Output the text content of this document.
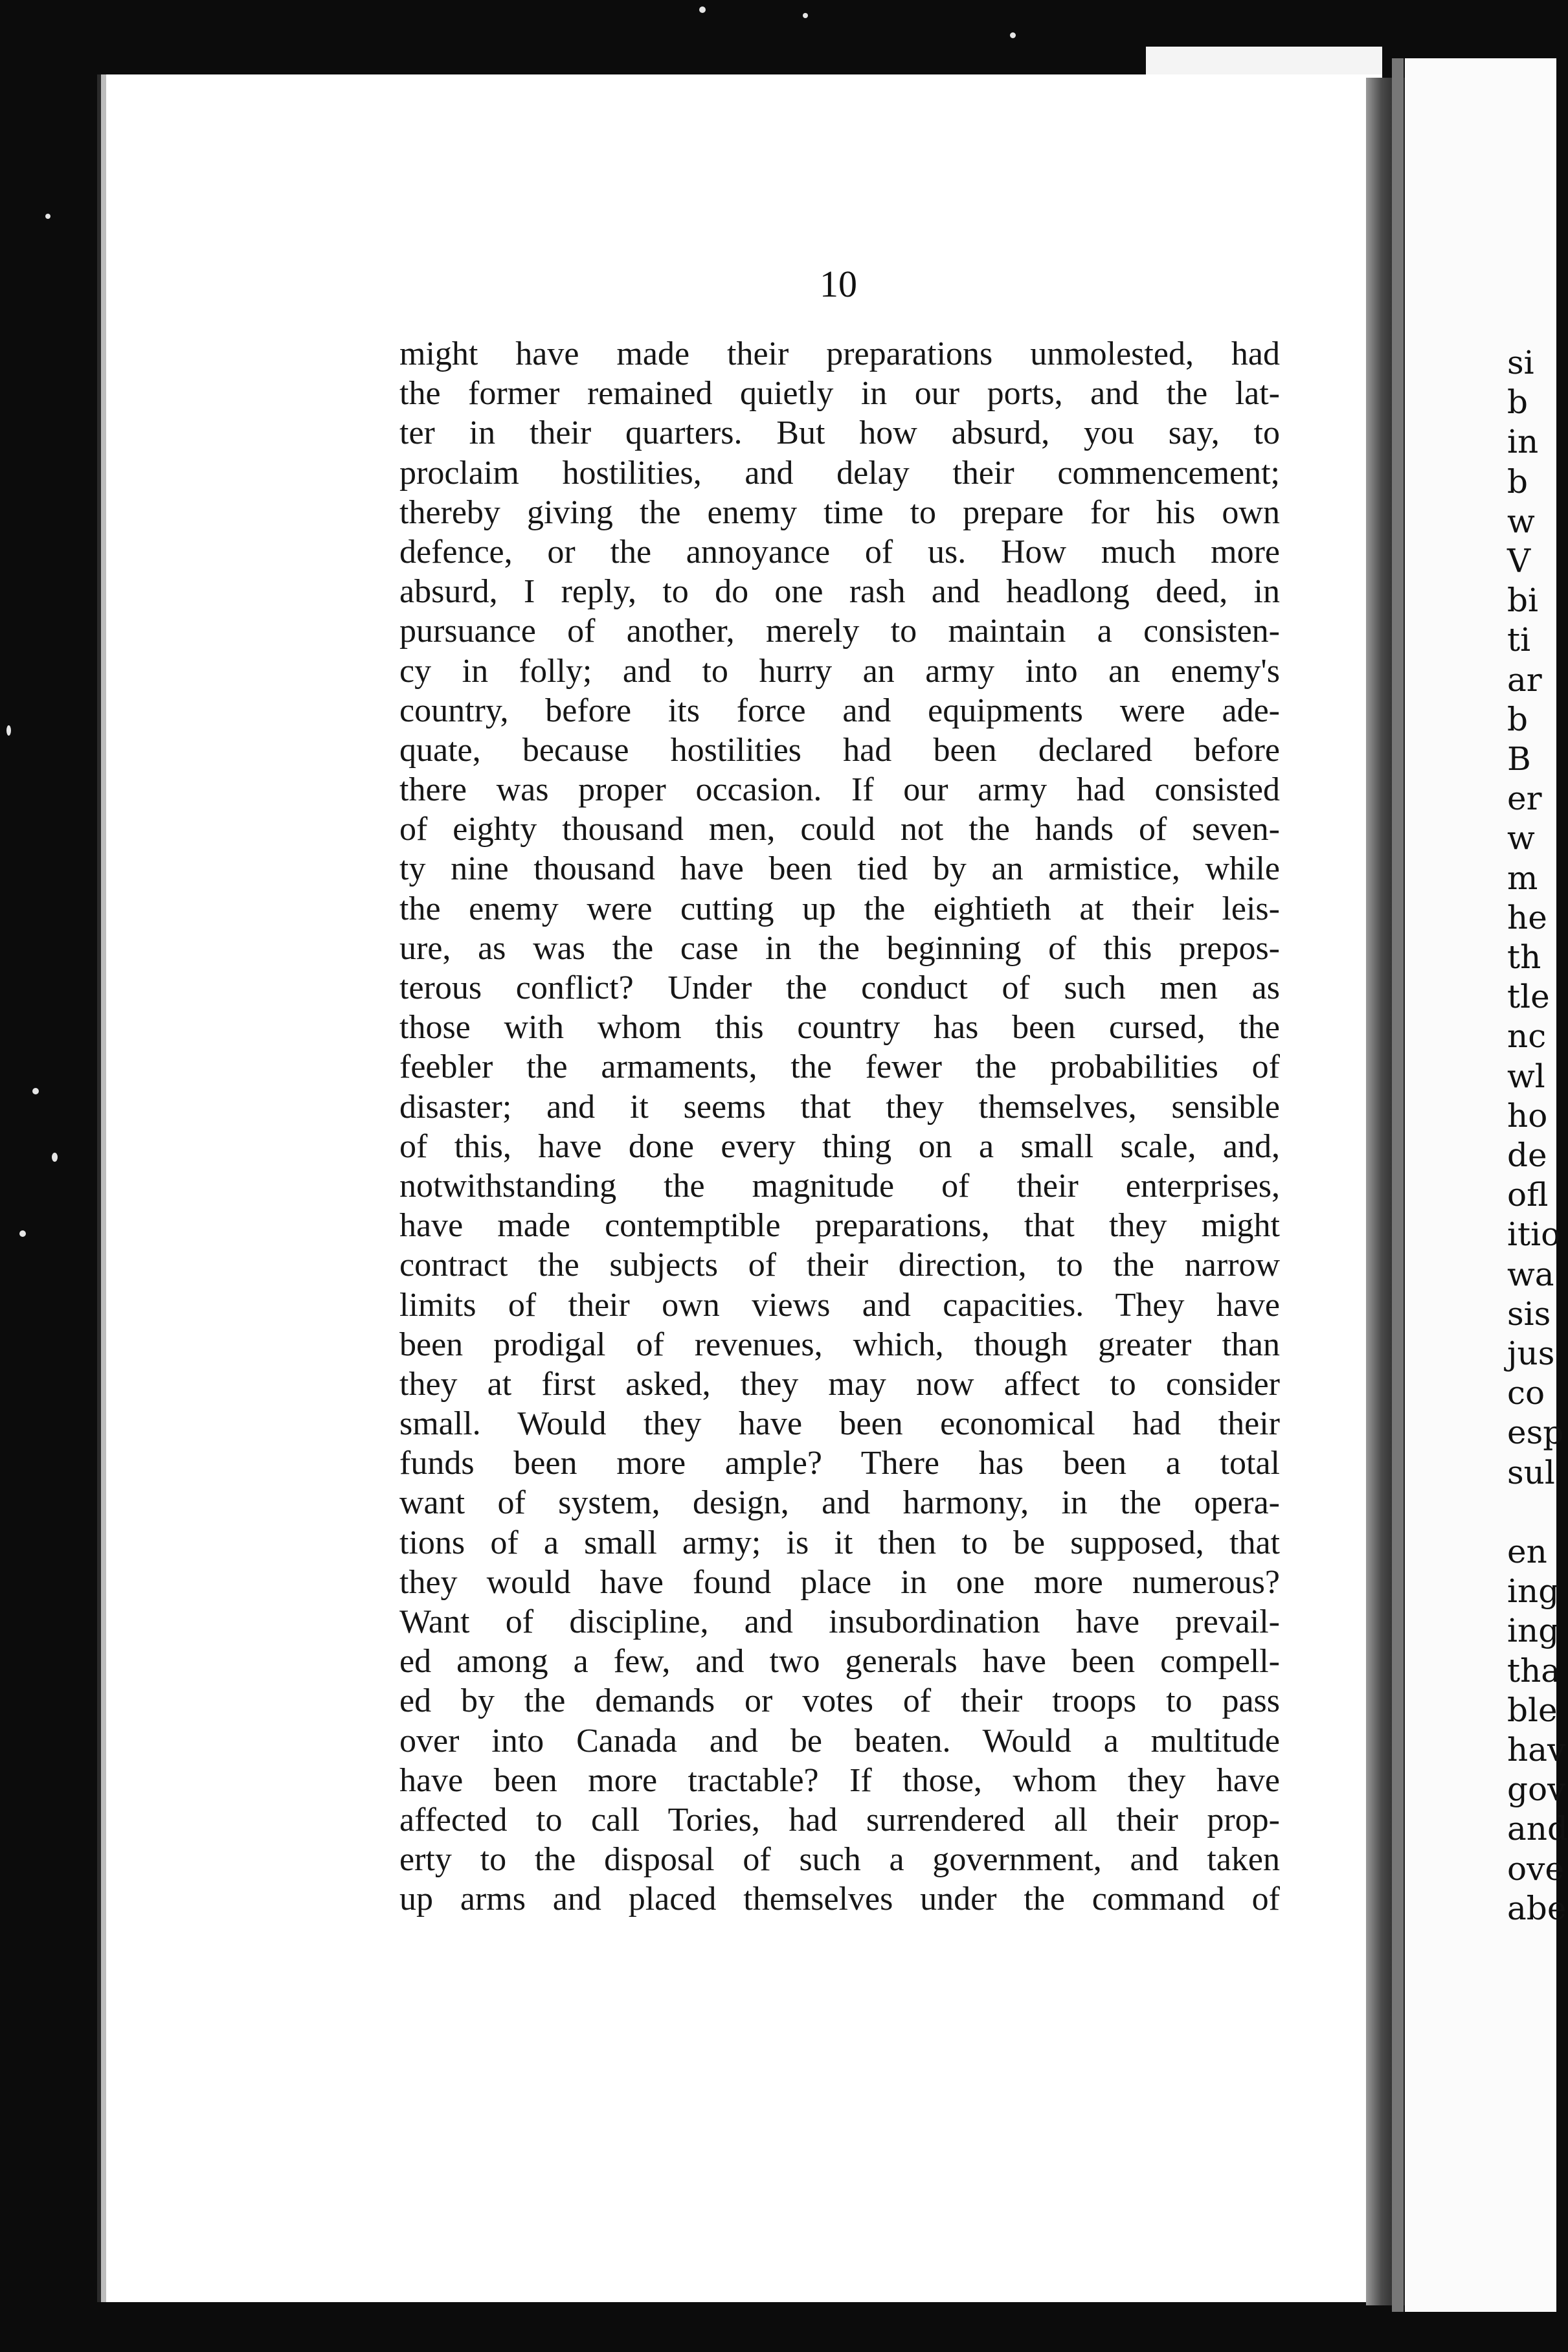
10
might have made their preparations unmolested, had
the former remained quietly in our ports, and the lat-
ter in their quarters. But how absurd, you say, to
proclaim hostilities, and delay their commencement;
thereby giving the enemy time to prepare for his own
defence, or the annoyance of us. How much more
absurd, I reply, to do one rash and headlong deed, in
pursuance of another, merely to maintain a consisten-
cy in folly; and to hurry an army into an enemy's
country, before its force and equipments were ade-
quate, because hostilities had been declared before
there was proper occasion. If our army had consisted
of eighty thousand men, could not the hands of seven-
ty nine thousand have been tied by an armistice, while
the enemy were cutting up the eightieth at their leis-
ure, as was the case in the beginning of this prepos-
terous conflict? Under the conduct of such men as
those with whom this country has been cursed, the
feebler the armaments, the fewer the probabilities of
disaster; and it seems that they themselves, sensible
of this, have done every thing on a small scale, and,
notwithstanding the magnitude of their enterprises,
have made contemptible preparations, that they might
contract the subjects of their direction, to the narrow
limits of their own views and capacities. They have
been prodigal of revenues, which, though greater than
they at first asked, they may now affect to consider
small. Would they have been economical had their
funds been more ample? There has been a total
want of system, design, and harmony, in the opera-
tions of a small army; is it then to be supposed, that
they would have found place in one more numerous?
Want of discipline, and insubordination have prevail-
ed among a few, and two generals have been compell-
ed by the demands or votes of their troops to pass
over into Canada and be beaten. Would a multitude
have been more tractable? If those, whom they have
affected to call Tories, had surrendered all their prop-
erty to the disposal of such a government, and taken
up arms and placed themselves under the command of
si
b
in
b
w
V
bi
ti
ar
b
B
er
w
m
he
th
tle
nc
wl
ho
de
ofl
itio
wa
sis
jus
co
esp
sul
en
ing
ing
tha
ble
hav
gov
and
ove
abe
